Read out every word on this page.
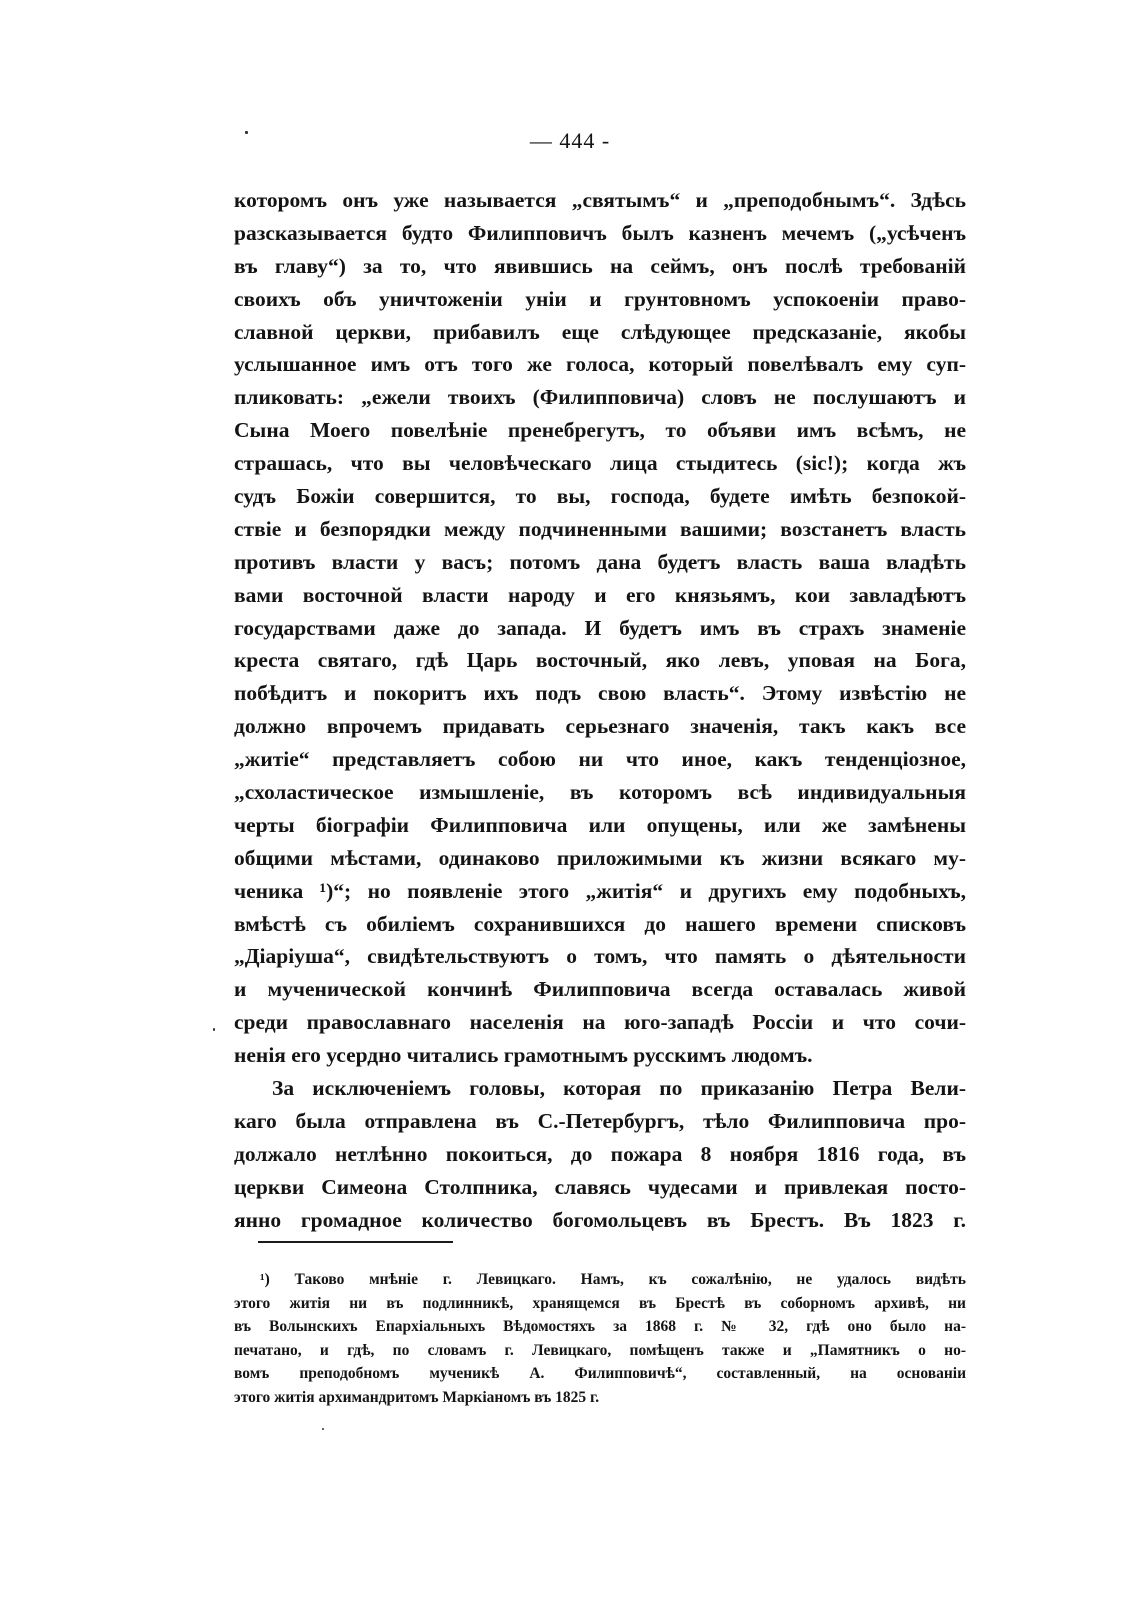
— 444 -
которомъ онъ уже называется „святымъ“ и „преподобнымъ“. Здѣсь
разсказывается будто Филипповичъ былъ казненъ мечемъ („усѣченъ
въ главу“) за то, что явившись на сеймъ, онъ послѣ требованій
своихъ объ уничтоженіи уніи и грунтовномъ успокоеніи право-
славной церкви, прибавилъ еще слѣдующее предсказаніе, якобы
услышанное имъ отъ того же голоса, который повелѣвалъ ему суп-
пликовать: „ежели твоихъ (Филипповича) словъ не послушаютъ и
Сына Моего повелѣніе пренебрегутъ, то объяви имъ всѣмъ, не
страшась, что вы человѣческаго лица стыдитесь (sic!); когда жъ
судъ Божіи совершится, то вы, господа, будете имѣть безпокой-
ствіе и безпорядки между подчиненными вашими; возстанетъ власть
противъ власти у васъ; потомъ дана будетъ власть ваша владѣть
вами восточной власти народу и его князьямъ, кои завладѣютъ
государствами даже до запада. И будетъ имъ въ страхъ знаменіе
креста святаго, гдѣ Царь восточный, яко левъ, уповая на Бога,
побѣдитъ и покоритъ ихъ подъ свою власть“. Этому извѣстію не
должно впрочемъ придавать серьезнаго значенія, такъ какъ все
„житіе“ представляетъ собою ни что иное, какъ тенденціозное,
„схоластическое измышленіе, въ которомъ всѣ индивидуальныя
черты біографіи Филипповича или опущены, или же замѣнены
общими мѣстами, одинаково приложимыми къ жизни всякаго му-
ченика ¹)“; но появленіе этого „житія“ и другихъ ему подобныхъ,
вмѣстѣ съ обиліемъ сохранившихся до нашего времени списковъ
„Діаріуша“, свидѣтельствуютъ о томъ, что память о дѣятельности
и мученической кончинѣ Филипповича всегда оставалась живой
среди православнаго населенія на юго-западѣ Россіи и что сочи-
ненія его усердно читались грамотнымъ русскимъ людомъ.
За исключеніемъ головы, которая по приказанію Петра Вели-
каго была отправлена въ С.-Петербургъ, тѣло Филипповича про-
должало нетлѣнно покоиться, до пожара 8 ноября 1816 года, въ
церкви Симеона Столпника, славясь чудесами и привлекая посто-
янно громадное количество богомольцевъ въ Брестъ. Въ 1823 г.
¹) Таково мнѣніе г. Левицкаго. Намъ, къ сожалѣнію, не удалось видѣть
этого житія ни въ подлинникѣ, хранящемся въ Брестѣ въ соборномъ архивѣ, ни
въ Волынскихъ Епархіальныхъ Вѣдомостяхъ за 1868 г. № 32, гдѣ оно было на-
печатано, и гдѣ, по словамъ г. Левицкаго, помѣщенъ также и „Памятникъ о но-
вомъ преподобномъ мученикѣ А. Филипповичѣ“, составленный, на основаніи
этого житія архимандритомъ Маркіаномъ въ 1825 г.
